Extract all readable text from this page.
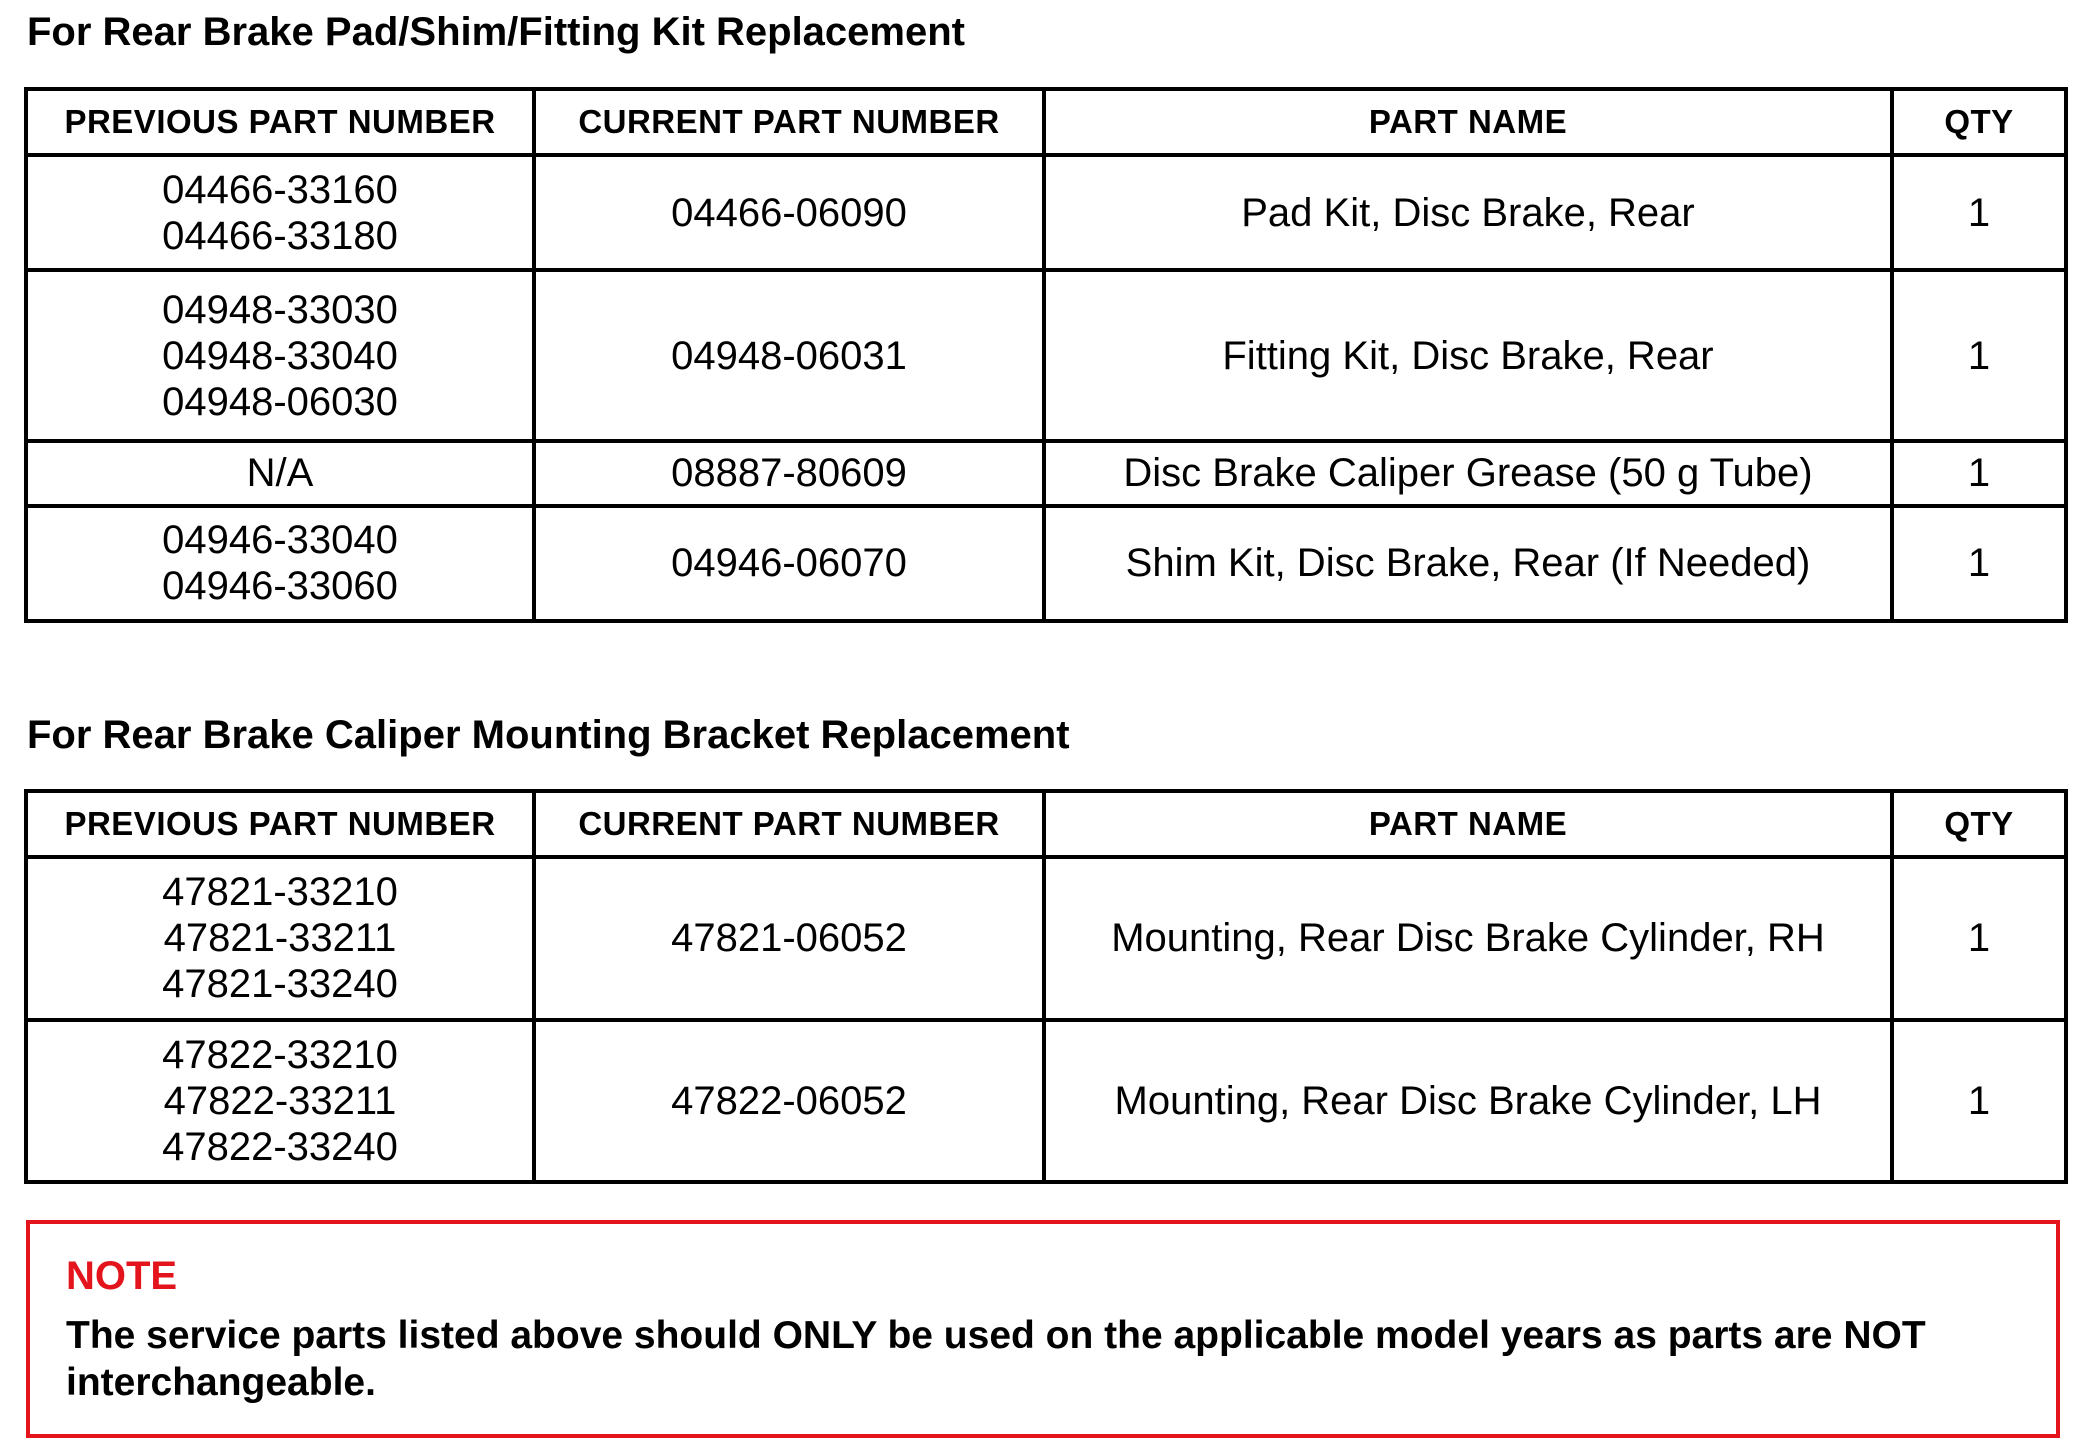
For Rear Brake Pad/Shim/Fitting Kit Replacement
PREVIOUS PART NUMBER	CURRENT PART NUMBER	PART NAME	QTY

04466-33160
04466-33180	04466-06090	Pad Kit, Disc Brake, Rear	1

04948-33030
04948-33040
04948-06030	04948-06031	Fitting Kit, Disc Brake, Rear	1

N/A	08887-80609	Disc Brake Caliper Grease (50 g Tube)	1

04946-33040
04946-33060	04946-06070	Shim Kit, Disc Brake, Rear (If Needed)	1
For Rear Brake Caliper Mounting Bracket Replacement
PREVIOUS PART NUMBER	CURRENT PART NUMBER	PART NAME	QTY

47821-33210
47821-33211
47821-33240	47821-06052	Mounting, Rear Disc Brake Cylinder, RH	1

47822-33210
47822-33211
47822-33240	47822-06052	Mounting, Rear Disc Brake Cylinder, LH	1
NOTE
The service parts listed above should ONLY be used on the applicable model years as parts are NOT interchangeable.
